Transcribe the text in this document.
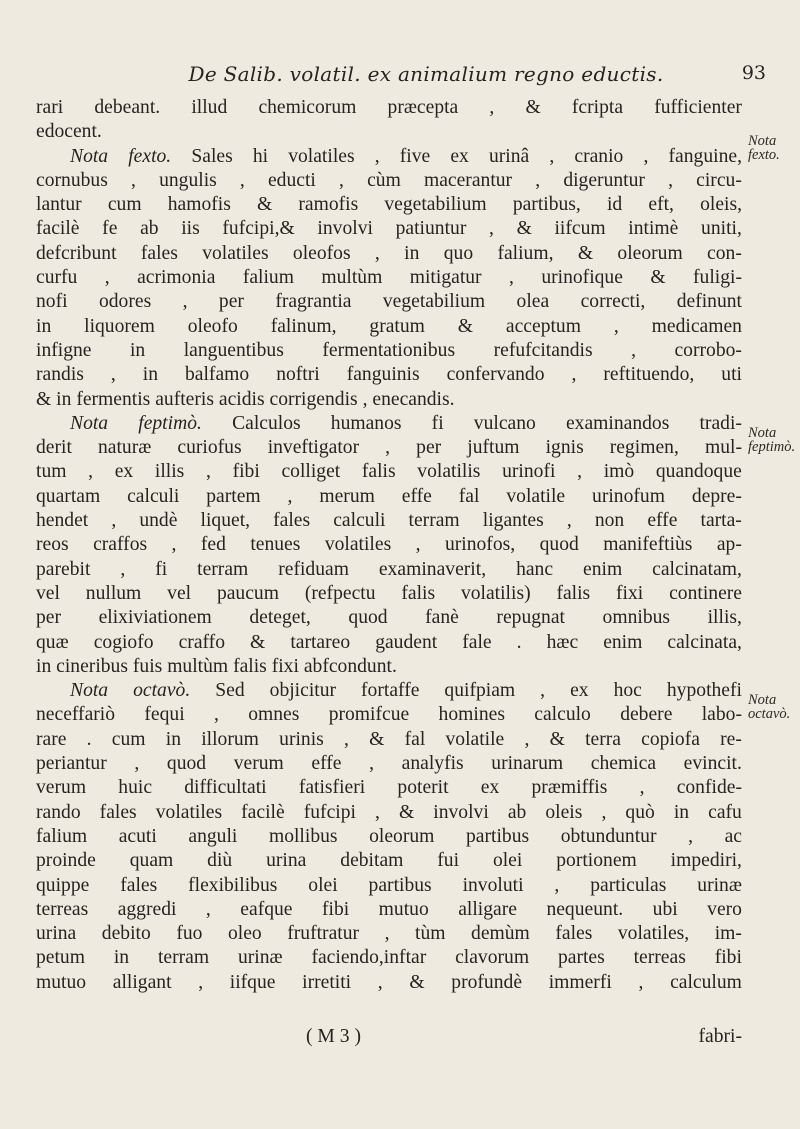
De Salib. volatil. ex animalium regno eductis.	93
rari debeant. illud chemicorum præcepta , & fcripta fufficienter
edocent.
Nota fexto. Sales hi volatiles , five ex urinâ , cranio , fanguine,
cornubus , ungulis , educti , cùm macerantur , digeruntur , circu-
lantur cum hamofis & ramofis vegetabilium partibus, id eft, oleis,
facilè fe ab iis fufcipi,& involvi patiuntur , & iifcum intimè uniti,
defcribunt fales volatiles oleofos , in quo falium, & oleorum con-
curfu , acrimonia falium multùm mitigatur , urinofique & fuligi-
nofi odores , per fragrantia vegetabilium olea correcti, definunt
in liquorem oleofo falinum, gratum & acceptum , medicamen
infigne in languentibus fermentationibus refufcitandis , corrobo-
randis , in balfamo noftri fanguinis confervando , reftituendo, uti
& in fermentis aufteris acidis corrigendis , enecandis.
Nota feptimò. Calculos humanos fi vulcano examinandos tradi-
derit naturæ curiofus inveftigator , per juftum ignis regimen, mul-
tum , ex illis , fibi colliget falis volatilis urinofi , imò quandoque
quartam calculi partem , merum effe fal volatile urinofum depre-
hendet , undè liquet, fales calculi terram ligantes , non effe tarta-
reos craffos , fed tenues volatiles , urinofos, quod manifeftiùs ap-
parebit , fi terram refiduam examinaverit, hanc enim calcinatam,
vel nullum vel paucum (refpectu falis volatilis) falis fixi continere
per elixiviationem deteget, quod fanè repugnat omnibus illis,
quæ cogiofo craffo & tartareo gaudent fale . hæc enim calcinata,
in cineribus fuis multùm falis fixi abfcondunt.
Nota octavò. Sed objicitur fortaffe quifpiam , ex hoc hypothefi
neceffariò fequi , omnes promifcue homines calculo debere labo-
rare . cum in illorum urinis , & fal volatile , & terra copiofa re-
periantur , quod verum effe , analyfis urinarum chemica evincit.
verum huic difficultati fatisfieri poterit ex præmiffis , confide-
rando fales volatiles facilè fufcipi , & involvi ab oleis , quò in cafu
falium acuti anguli mollibus oleorum partibus obtunduntur , ac
proinde quam diù urina debitam fui olei portionem impediri,
quippe fales flexibilibus olei partibus involuti , particulas urinæ
terreas aggredi , eafque fibi mutuo alligare nequeunt. ubi vero
urina debito fuo oleo fruftratur , tùm demùm fales volatiles, im-
petum in terram urinæ faciendo,inftar clavorum partes terreas fibi
mutuo alligant , iifque irretiti , & profundè immerfi , calculum
Nota
fexto.
Nota
feptimò.
Nota
octavò.
( M 3 )	fabri-
